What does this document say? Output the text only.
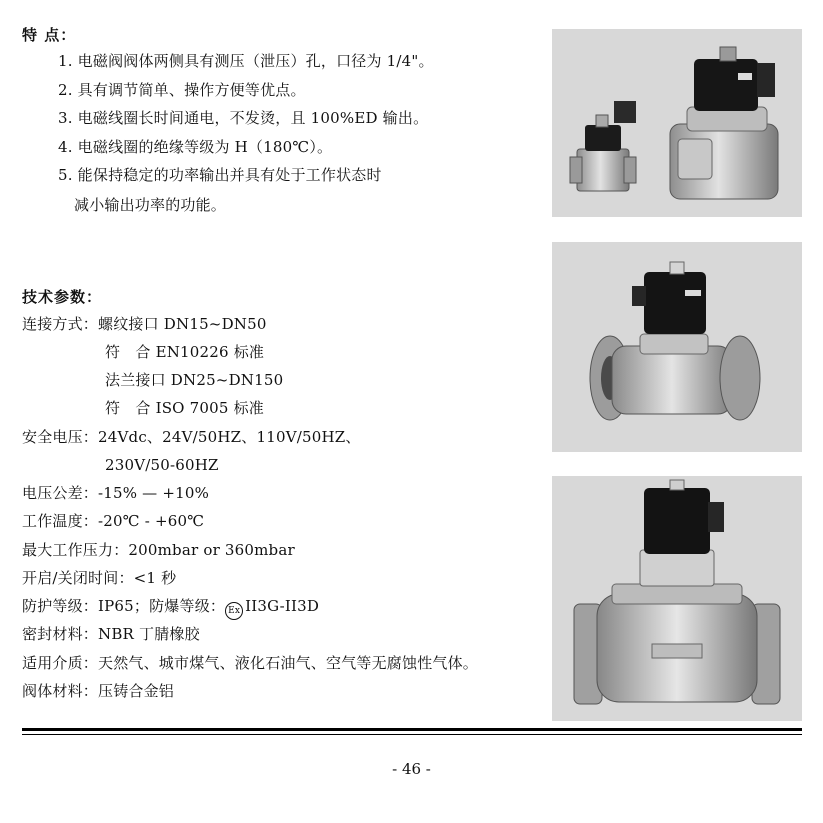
特 点：
1. 电磁阀阀体两侧具有测压（泄压）孔，口径为 1/4"。
2. 具有调节简单、操作方便等优点。
3. 电磁线圈长时间通电，不发烫，且 100%ED 输出。
4. 电磁线圈的绝缘等级为 H（180℃）。
5. 能保持稳定的功率输出并具有处于工作状态时
减小输出功率的功能。
技术参数：
连接方式：螺纹接口 DN15~DN50
符　合 EN10226 标准
法兰接口 DN25~DN150
符　合 ISO 7005 标准
安全电压：24Vdc、24V/50HZ、110V/50HZ、
230V/50-60HZ
电压公差：-15% — +10%
工作温度：-20℃ - +60℃
最大工作压力：200mbar or 360mbar
开启/关闭时间：<1 秒
防护等级：IP65；防爆等级： Ex II3G-II3D
密封材料：NBR 丁腈橡胶
适用介质：天然气、城市煤气、液化石油气、空气等无腐蚀性气体。
阀体材料：压铸合金铝
- 46 -
